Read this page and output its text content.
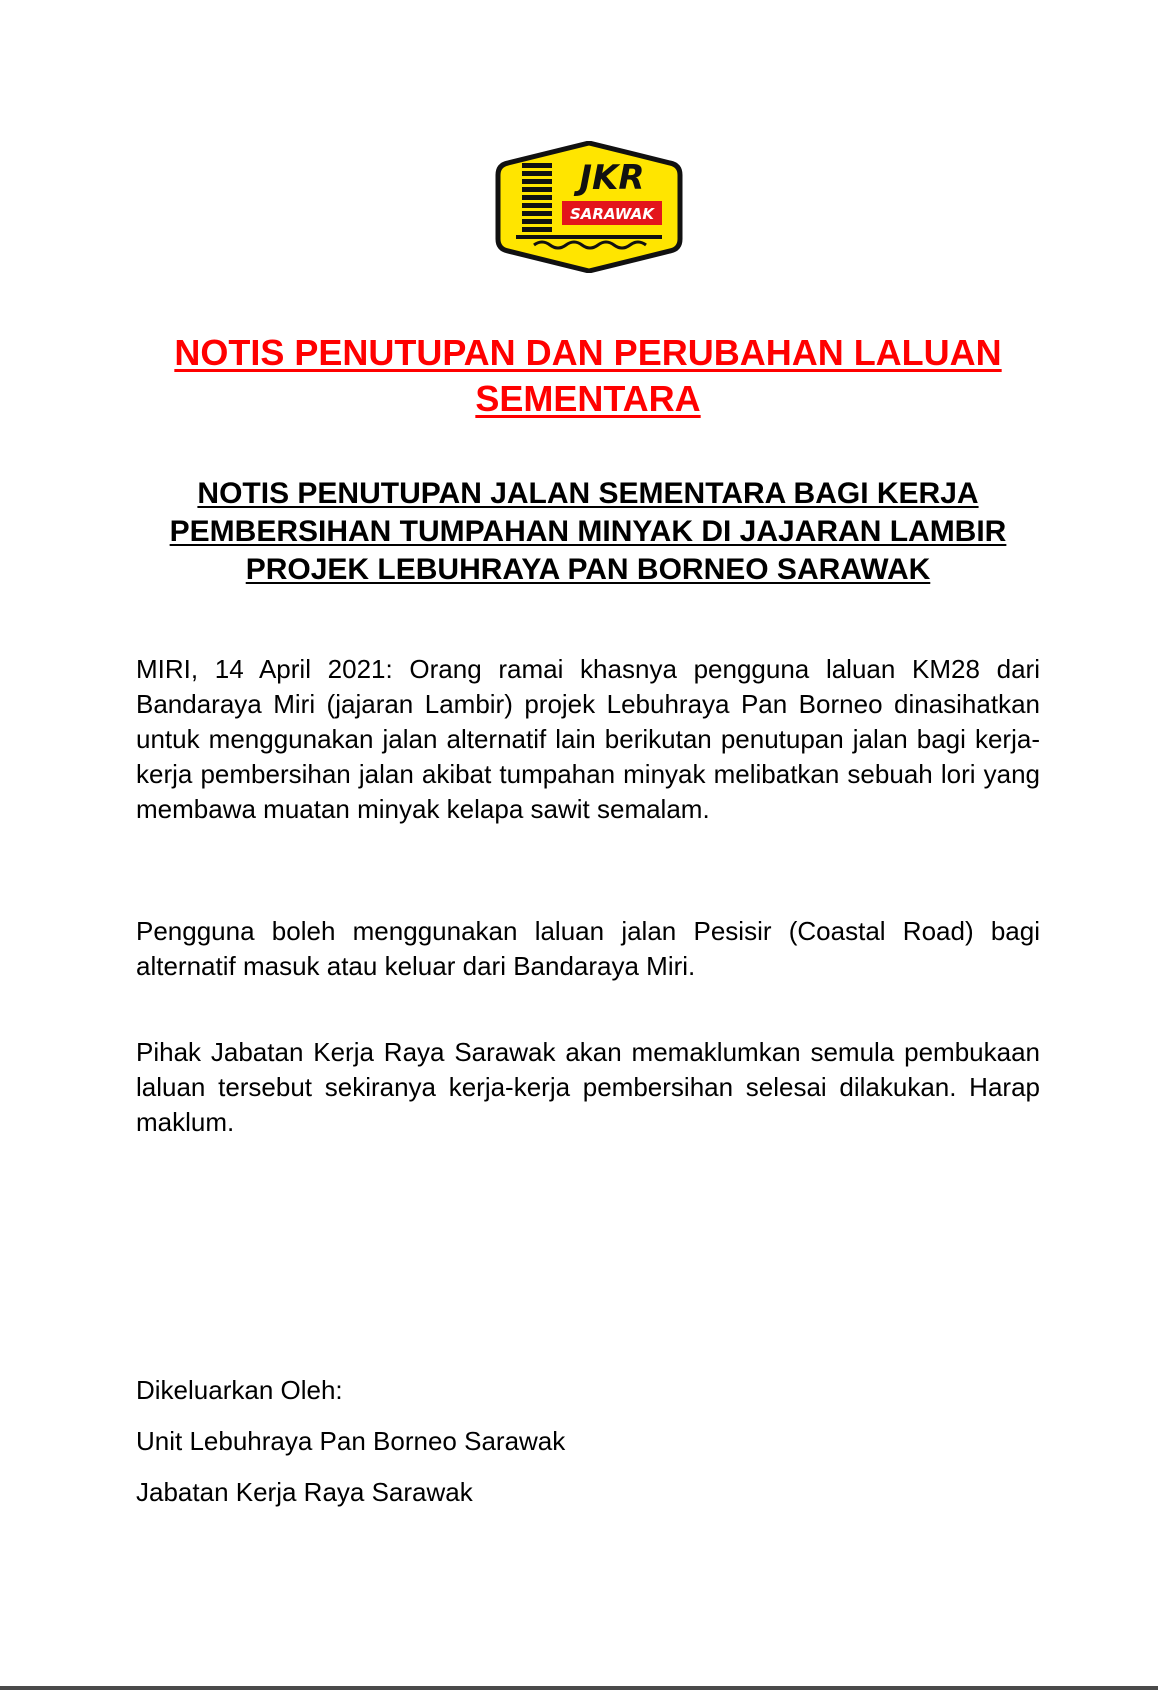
JKR
SARAWAK
NOTIS PENUTUPAN DAN PERUBAHAN LALUAN
SEMENTARA
NOTIS PENUTUPAN JALAN SEMENTARA BAGI KERJA
PEMBERSIHAN TUMPAHAN MINYAK DI JAJARAN LAMBIR
PROJEK LEBUHRAYA PAN BORNEO SARAWAK

MIRI, 14 April 2021: Orang ramai khasnya pengguna laluan KM28 dari Bandaraya Miri (jajaran Lambir) projek Lebuhraya Pan Borneo dinasihatkan untuk menggunakan jalan alternatif lain berikutan penutupan jalan bagi kerja-kerja pembersihan jalan akibat tumpahan minyak melibatkan sebuah lori yang membawa muatan minyak kelapa sawit semalam.

Pengguna boleh menggunakan laluan jalan Pesisir (Coastal Road) bagi alternatif masuk atau keluar dari Bandaraya Miri.

Pihak Jabatan Kerja Raya Sarawak akan memaklumkan semula pembukaan laluan tersebut sekiranya kerja-kerja pembersihan selesai dilakukan. Harap maklum.

Dikeluarkan Oleh:

Unit Lebuhraya Pan Borneo Sarawak

Jabatan Kerja Raya Sarawak
